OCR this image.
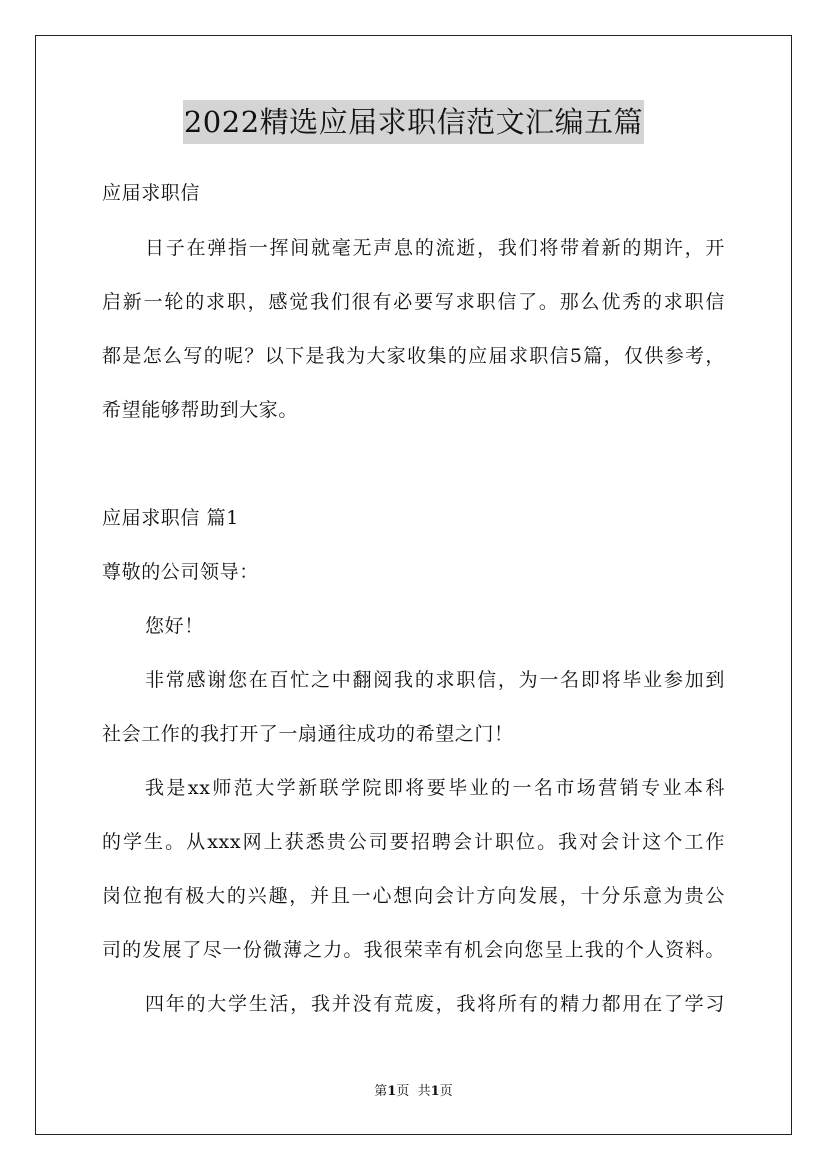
2022精选应届求职信范文汇编五篇
应届求职信
日子在弹指一挥间就毫无声息的流逝，我们将带着新的期许，开
启新一轮的求职，感觉我们很有必要写求职信了。那么优秀的求职信
都是怎么写的呢？以下是我为大家收集的应届求职信5篇，仅供参考，
希望能够帮助到大家。
应届求职信 篇1
尊敬的公司领导：
您好！
非常感谢您在百忙之中翻阅我的求职信，为一名即将毕业参加到
社会工作的我打开了一扇通往成功的希望之门！
我是xx师范大学新联学院即将要毕业的一名市场营销专业本科
的学生。从xxx网上获悉贵公司要招聘会计职位。我对会计这个工作
岗位抱有极大的兴趣，并且一心想向会计方向发展，十分乐意为贵公
司的发展了尽一份微薄之力。我很荣幸有机会向您呈上我的个人资料。
四年的大学生活，我并没有荒废，我将所有的精力都用在了学习
第1页 共1页
